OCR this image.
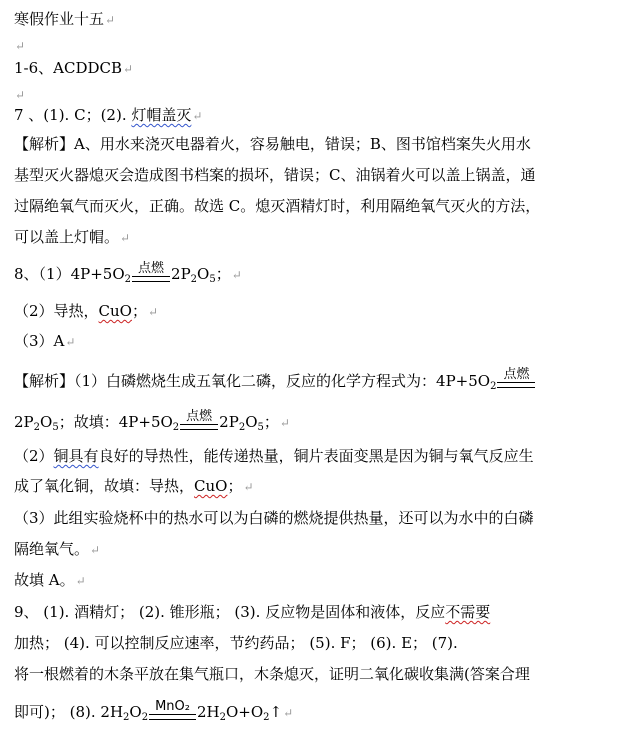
寒假作业十五↵
↵
1-6、ACDDCB↵
↵
7 、(1). C；(2). 灯帽盖灭↵
【解析】A、用水来浇灭电器着火，容易触电，错误；B、图书馆档案失火用水
基型灭火器熄灭会造成图书档案的损坏，错误；C、油锅着火可以盖上锅盖，通
过隔绝氧气而灭火，正确。故选 C。熄灭酒精灯时，利用隔绝氧气灭火的方法，
可以盖上灯帽。↵
8、$(1)4P+5O_2$
点燃 $2P_2O_5$；↵
（2）导热，CuO；↵
（3）A↵
【解析】（1）白磷燃烧生成五氧化二磷，反应的化学方程式为：$4P+5O_2$
点燃
$2P_2O_5$；故填：$4P+5O_2$
点燃 $2P_2O_5$；↵
（2）铜具有良好的导热性，能传递热量，铜片表面变黑是因为铜与氧气反应生
成了氧化铜，故填：导热，CuO；↵
（3）此组实验烧杯中的热水可以为白磷的燃烧提供热量，还可以为水中的白磷
隔绝氧气。↵
故填 A。↵
9、 (1). 酒精灯； (2). 锥形瓶； (3). 反应物是固体和液体，反应不需要
加热； (4). 可以控制反应速率，节约药品； (5). F； (6). E； (7).
将一根燃着的木条平放在集气瓶口，木条熄灭，证明二氧化碳收集满(答案合理
即可)； (8). $2H_2O_2$
MnO₂ $2H_2O+O_2↑↵$
